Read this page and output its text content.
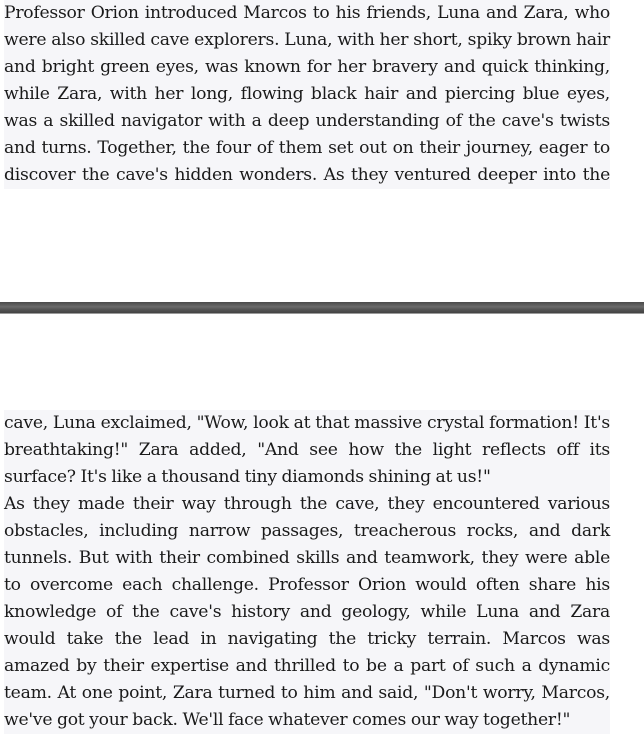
Professor Orion introduced Marcos to his friends, Luna and Zara, who were also skilled cave explorers. Luna, with her short, spiky brown hair and bright green eyes, was known for her bravery and quick thinking, while Zara, with her long, flowing black hair and piercing blue eyes, was a skilled navigator with a deep understanding of the cave's twists and turns. Together, the four of them set out on their journey, eager to discover the cave's hidden wonders. As they ventured deeper into the

cave, Luna exclaimed, "Wow, look at that massive crystal formation! It's breathtaking!" Zara added, "And see how the light reflects off its surface? It's like a thousand tiny diamonds shining at us!"

As they made their way through the cave, they encountered various obstacles, including narrow passages, treacherous rocks, and dark tunnels. But with their combined skills and teamwork, they were able to overcome each challenge. Professor Orion would often share his knowledge of the cave's history and geology, while Luna and Zara would take the lead in navigating the tricky terrain. Marcos was amazed by their expertise and thrilled to be a part of such a dynamic team. At one point, Zara turned to him and said, "Don't worry, Marcos, we've got your back. We'll face whatever comes our way together!"
